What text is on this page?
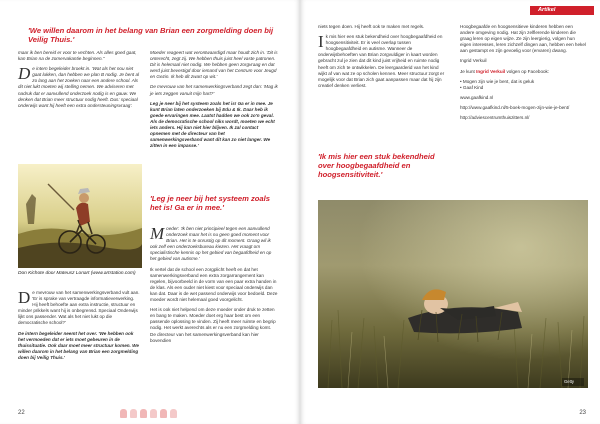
'We willen daarom in het belang van Brian een zorgmelding doen bij Veilig Thuis.'

maar ik ben bereid er voor te vechten. Als alles goed gaat, kan Brian na de zomervakantie beginnen."

De intern begeleider broekt in. 'Wat als het nou niet gaat lukken, dan hebben we plan B nodig. Je bent al zo lang aan het zoeken naar een andere school. Als dit niet lukt moeten wij stelling nemen. We adviseren met nadruk dat er aanvullend onderzoek nodig is en gauw. We denken dat Brian meer structuur nodig heeft. Dus: speciaal onderwijs want hij heeft een extra ondersteuningsvraag'.

Don Kichote door Mateusz Lonart (www.artstation.com)

De mevrouw van het samenwerkingsverband vult aan. 'Er is sprake van vertraagde informatieverwerking. Hij heeft behoefte aan extra instructie, structuur en minder prikkels want hij is onbegrensd. Speciaal Onderwijs lijkt ons passender. Wat als het niet lukt op die democratische school?'

De intern begeleider neemt het over. 'We hebben ook het vermoeden dat er iets moet gebeuren in de thuissituatie. Ook daar moet meer structuur komen. We willen daarom in het belang van Brian een zorgmelding doen bij Veilig Thuis.'

Moeder reageert wat verontwaardigd maar houdt zich in. 'Dit is onterecht, zegt zij. We hebben thuis juist heel vaste patronen. Dit is helemaal niet nodig. We hebben geen zorgvraag en dat werd juist bevestigd door iemand van het Centrum voor Jeugd en Gezin. Ik heb dit zwart op wit.'

De mevrouw van het samenwerkingsverband zegt dan: 'Mag ik je iets zeggen vanuit mijn hart?'

Leg je neer bij het systeem zoals het is! Ga er in mee. Je kunt Brian laten onderzoeken bij Edu & Ik. Daar heb ik goede ervaringen mee. Laatst hadden we ook zo'n geval. Als de democratische school niks wordt, moeten we echt iets anders. Hij kan niet hier blijven. Ik zal contact opnemen met de directeur van het samenwerkingsverband want dit kan zo niet langer. We zitten in een impasse.'

'Leg je neer bij het systeem zoals het is! Ga er in mee.'

Moeder: 'Ik ben niet principieel tegen een aanvullend onderzoek maar het is nu geen goed moment voor Brian. Het is te onrustig op dit moment. Graag wil ik ook zelf een onderzoeksbureau kiezen. Het vraagt om specialistische kennis op het gebied van begaafdheid en op het gebied van autisme.'

Ik vertel dat de school een zorgplicht heeft en dat het samenwerkingsverband een extra zorgarrangement kan regelen, bijvoorbeeld in de vorm van een paar extra handen in de klas. Als een ouder niet kiest voor speciaal onderwijs dan kan dat. Daar is de wet passend onderwijs voor bedoeld. Deze moeder wordt niet helemaal goed voorgelicht.

Het is ook niet helpend om deze moeder onder druk te zetten en bang te maken. Moeder doet erg haar best om een passende oplossing te vinden. Zij heeft meer ruimte en begrip nodig. Het werkt averechts als er nu een zorgmelding komt. De directeur van het samenwerkingsverband kan hier bovendien

22
Artikel

niets tegen doen. Hij heeft ook te maken met regels.

Ik mis hier een stuk bekendheid over hoogbegaafdheid en hoogsensitiviteit. Er is veel overlap tussen hoogbegaafdheid en autisme. Wanneer de onderwijsbehoeften van Brian zorgvuldiger in kaart worden gebracht zul je zien dat dit kind juist vrijheid en ruimte nodig heeft om zich te ontwikkelen. De leergaarderid van het kind wijkt af van wat ze op scholen kennen. Meer structuur zorgt er mogelijk voor dat Brian zich gaat aanpassen maar dat hij zijn creatief denken verliest.

'Ik mis hier een stuk bekendheid over hoogbegaafdheid en hoogsensitiviteit.'

Hoogbegaafde en hoogsensitieve kinderen hebben een andere omgeving nodig. Hat zijn zelflerende kinderen die graag leren op eigen wijze. Ze zijn leergierig, volgen hun eigen interesses, leren zichzelf dingen aan, hebben een hekel aan gestampt en zijn gevoelig voor (ervaren) dwang.

Ingrid Verkuil

Je kunt Ingrid Verkuil volgen op Facebook:

• Mogen zijn wie je bent, dat is geluk
• Gaaf Kind

www.gaafkind.nl

http://www.gaafkind.nl/5-boek-mogen-zijn-wie-je-bent/

http://adviescentrumthuiszitters.nl/

Getty
23
